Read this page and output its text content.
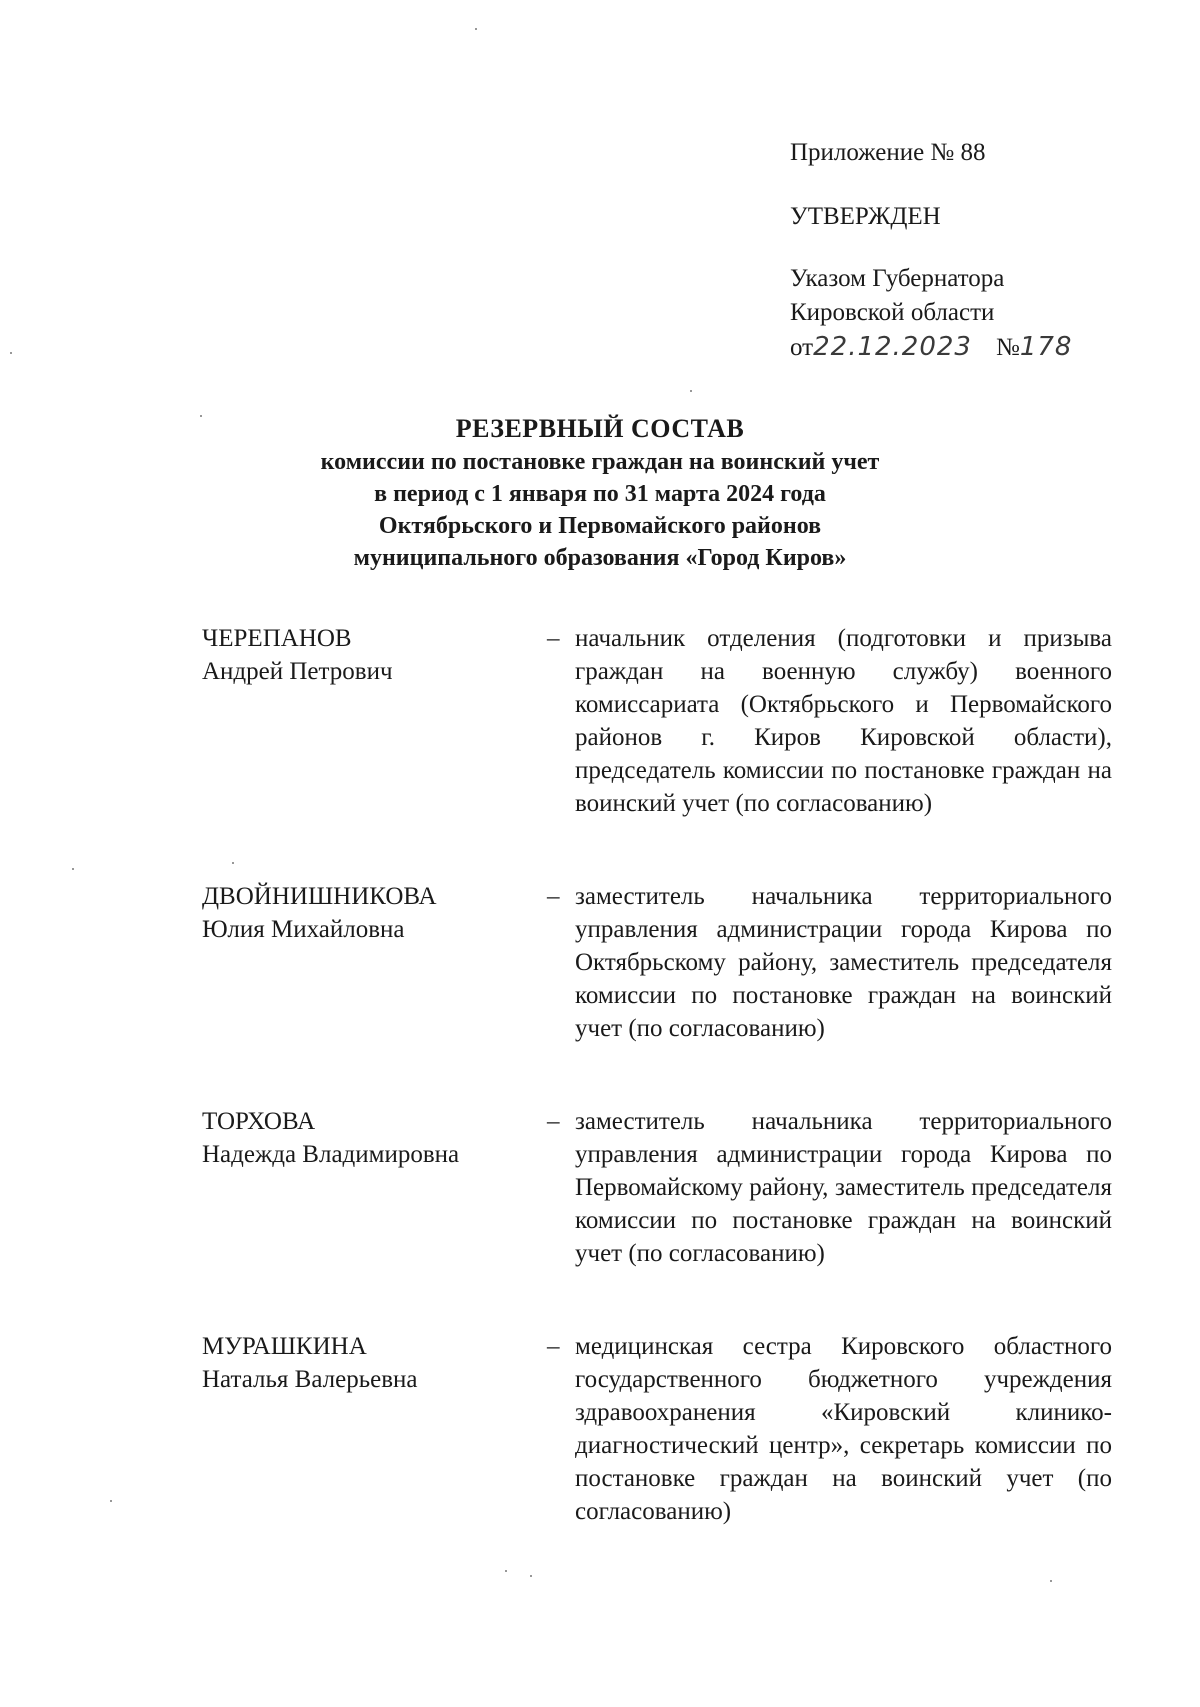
Приложение № 88
УТВЕРЖДЕН
Указом Губернатора
Кировской области
от22.12.2023 №178
РЕЗЕРВНЫЙ СОСТАВ
комиссии по постановке граждан на воинский учет
в период с 1 января по 31 марта 2024 года
Октябрьского и Первомайского районов
муниципального образования «Город Киров»
ЧЕРЕПАНОВ
Андрей Петрович
– начальник отделения (подготовки и призыва граждан на военную службу) военного комиссариата (Октябрьского и Первомайского районов г. Киров Кировской области), председатель комиссии по постановке граждан на воинский учет (по согласованию)
ДВОЙНИШНИКОВА
Юлия Михайловна
– заместитель начальника территориального управления администрации города Кирова по Октябрьскому району, заместитель председателя комиссии по постановке граждан на воинский учет (по согласованию)
ТОРХОВА
Надежда Владимировна
– заместитель начальника территориального управления администрации города Кирова по Первомайскому району, заместитель председателя комиссии по постановке граждан на воинский учет (по согласованию)
МУРАШКИНА
Наталья Валерьевна
– медицинская сестра Кировского областного государственного бюджетного учреждения здравоохранения «Кировский клинико-диагностический центр», секретарь комиссии по постановке граждан на воинский учет (по согласованию)
